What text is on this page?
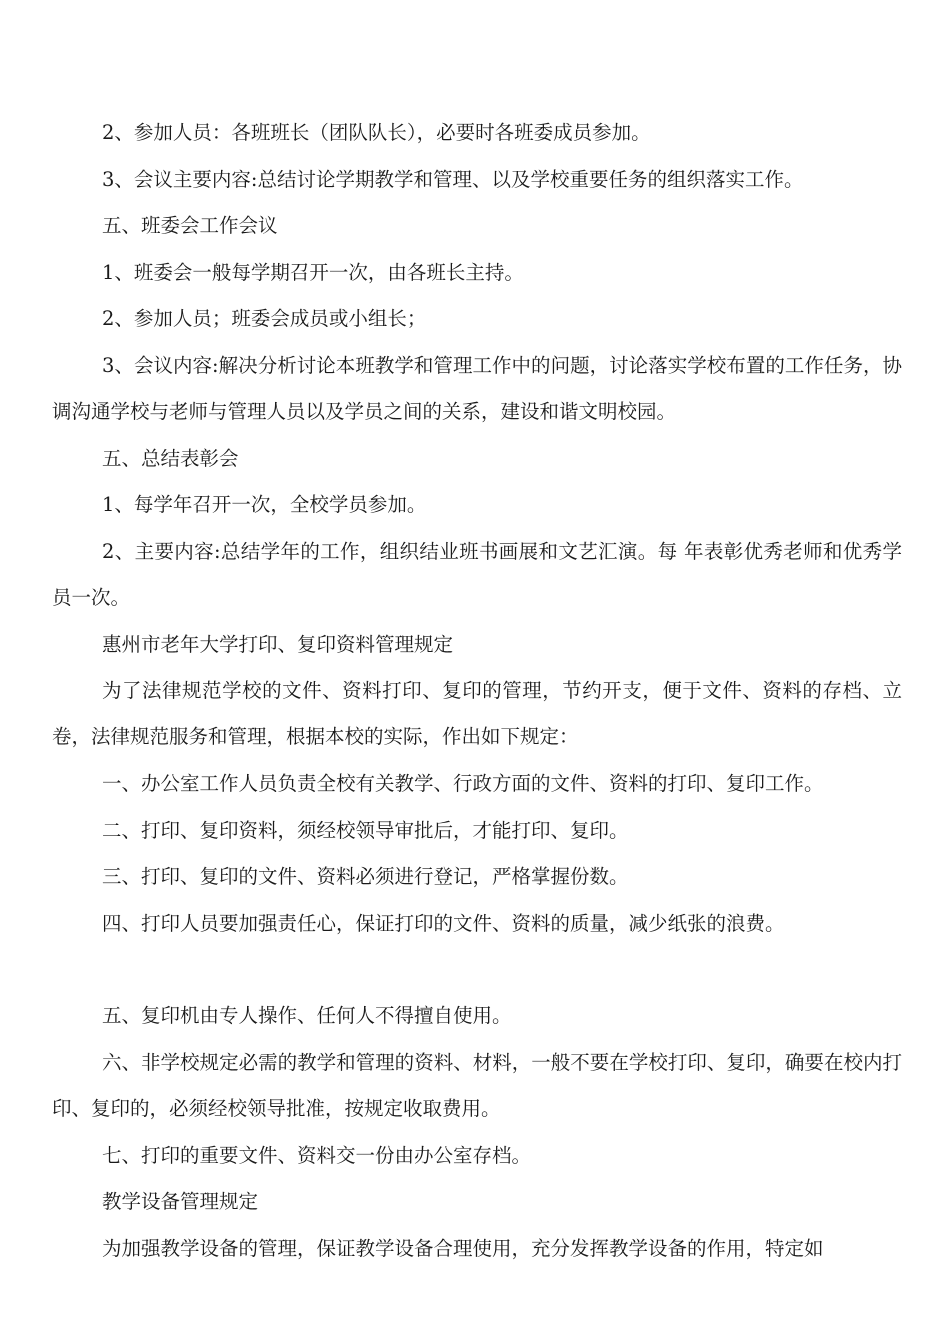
2、参加人员：各班班长（团队队长），必要时各班委成员参加。

3、会议主要内容:总结讨论学期教学和管理、以及学校重要任务的组织落实工作。

五、班委会工作会议

1、班委会一般每学期召开一次，由各班长主持。

2、参加人员；班委会成员或小组长；

3、会议内容:解决分析讨论本班教学和管理工作中的问题，讨论落实学校布置的工作任务，协调沟通学校与老师与管理人员以及学员之间的关系，建设和谐文明校园。

五、总结表彰会

1、每学年召开一次，全校学员参加。

2、主要内容:总结学年的工作，组织结业班书画展和文艺汇演。每 年表彰优秀老师和优秀学员一次。

惠州市老年大学打印、复印资料管理规定

为了法律规范学校的文件、资料打印、复印的管理，节约开支，便于文件、资料的存档、立卷，法律规范服务和管理，根据本校的实际，作出如下规定：

一、办公室工作人员负责全校有关教学、行政方面的文件、资料的打印、复印工作。

二、打印、复印资料，须经校领导审批后，才能打印、复印。

三、打印、复印的文件、资料必须进行登记，严格掌握份数。

四、打印人员要加强责任心，保证打印的文件、资料的质量，减少纸张的浪费。

五、复印机由专人操作、任何人不得擅自使用。

六、非学校规定必需的教学和管理的资料、材料，一般不要在学校打印、复印，确要在校内打印、复印的，必须经校领导批准，按规定收取费用。

七、打印的重要文件、资料交一份由办公室存档。

教学设备管理规定

为加强教学设备的管理，保证教学设备合理使用，充分发挥教学设备的作用，特定如
